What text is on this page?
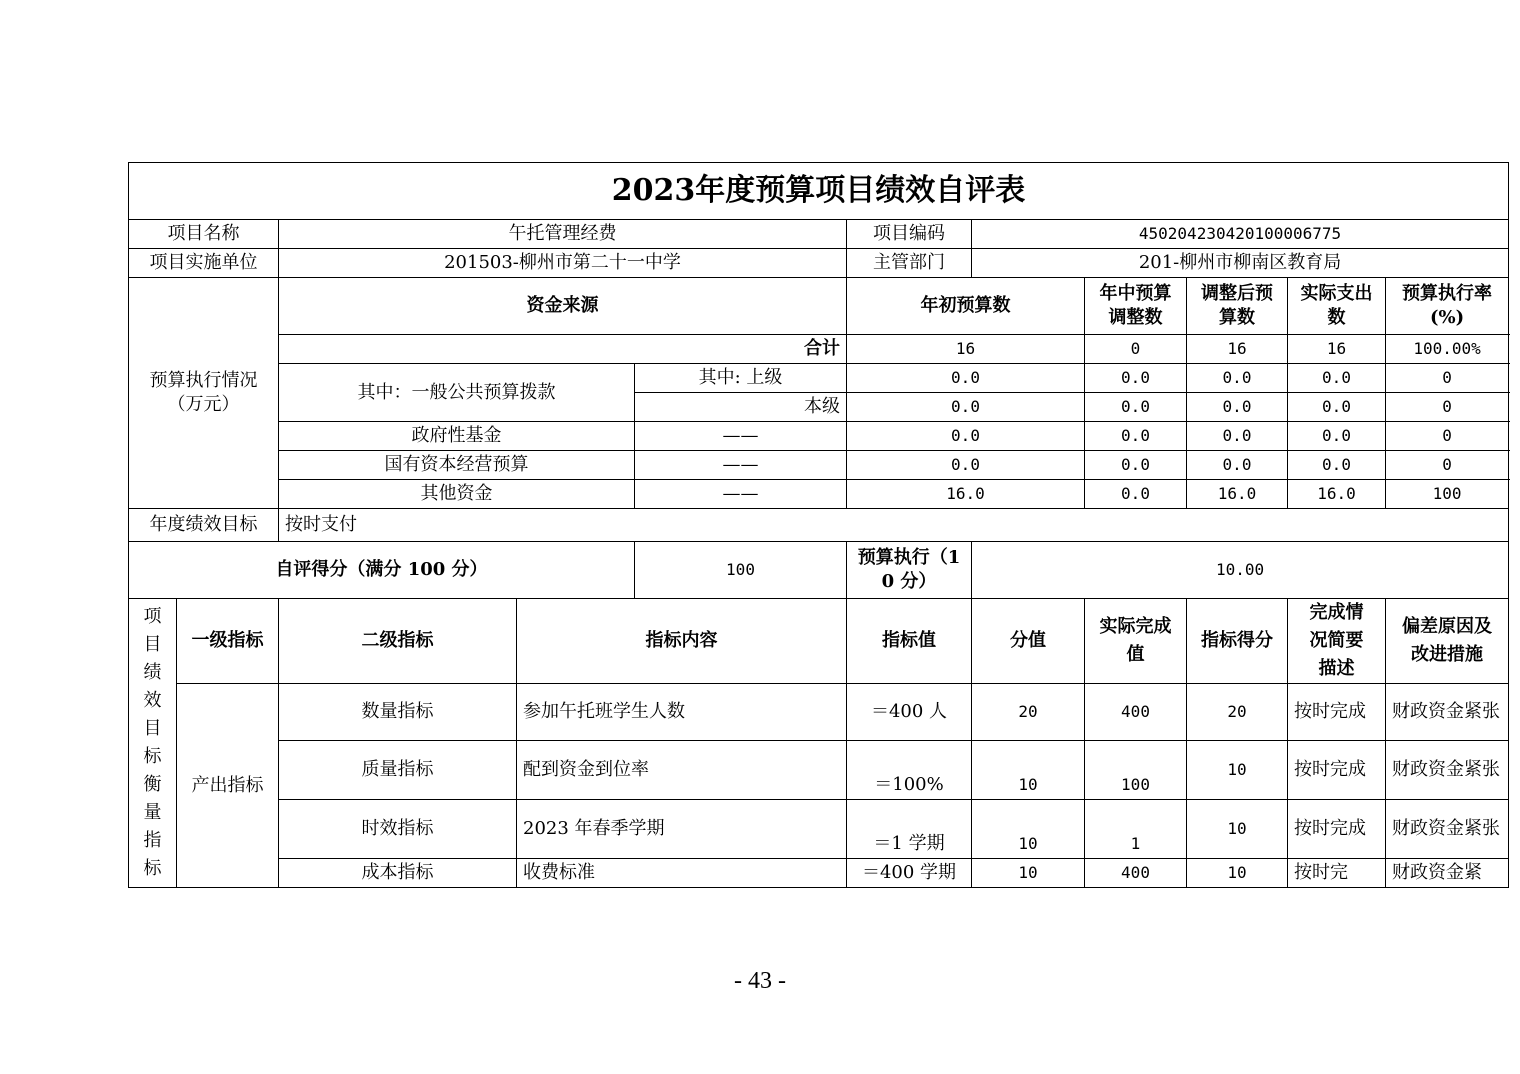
2023年度预算项目绩效自评表										
项目名称		午托管理经费			项目编码	450204230420100006775				
项目实施单位		201503-柳州市第二十一中学			主管部门	201-柳州市柳南区教育局				
预算执行情况（万元）		资金来源			年初预算数		年中预算调整数	调整后预算数	实际支出数	预算执行率(%)
		合计			16		0	16	16	100.00%
		其中：一般公共预算拨款		其中: 上级	0.0		0.0	0.0	0.0	0
				本级	0.0		0.0	0.0	0.0	0
		政府性基金		——	0.0		0.0	0.0	0.0	0
		国有资本经营预算		——	0.0		0.0	0.0	0.0	0
		其他资金		——	16.0		0.0	16.0	16.0	100
年度绩效目标		按时支付								
自评得分（满分 100 分）				100	预算执行（10 分）	10.00				

项目绩效目标衡量指标	一级指标	二级指标	指标内容		指标值	分值	实际完成值	指标得分	完成情况简要描述	偏差原因及改进措施
	产出指标	数量指标	参加午托班学生人数		＝400 人	20	400	20	按时完成	财政资金紧张
		质量指标	配到资金到位率		＝100%	10	100	10	按时完成	财政资金紧张
		时效指标	2023 年春季学期		＝1 学期	10	1	10	按时完成	财政资金紧张
		成本指标	收费标准		＝400 学期	10	400	10	按时完	财政资金紧
- 43 -
